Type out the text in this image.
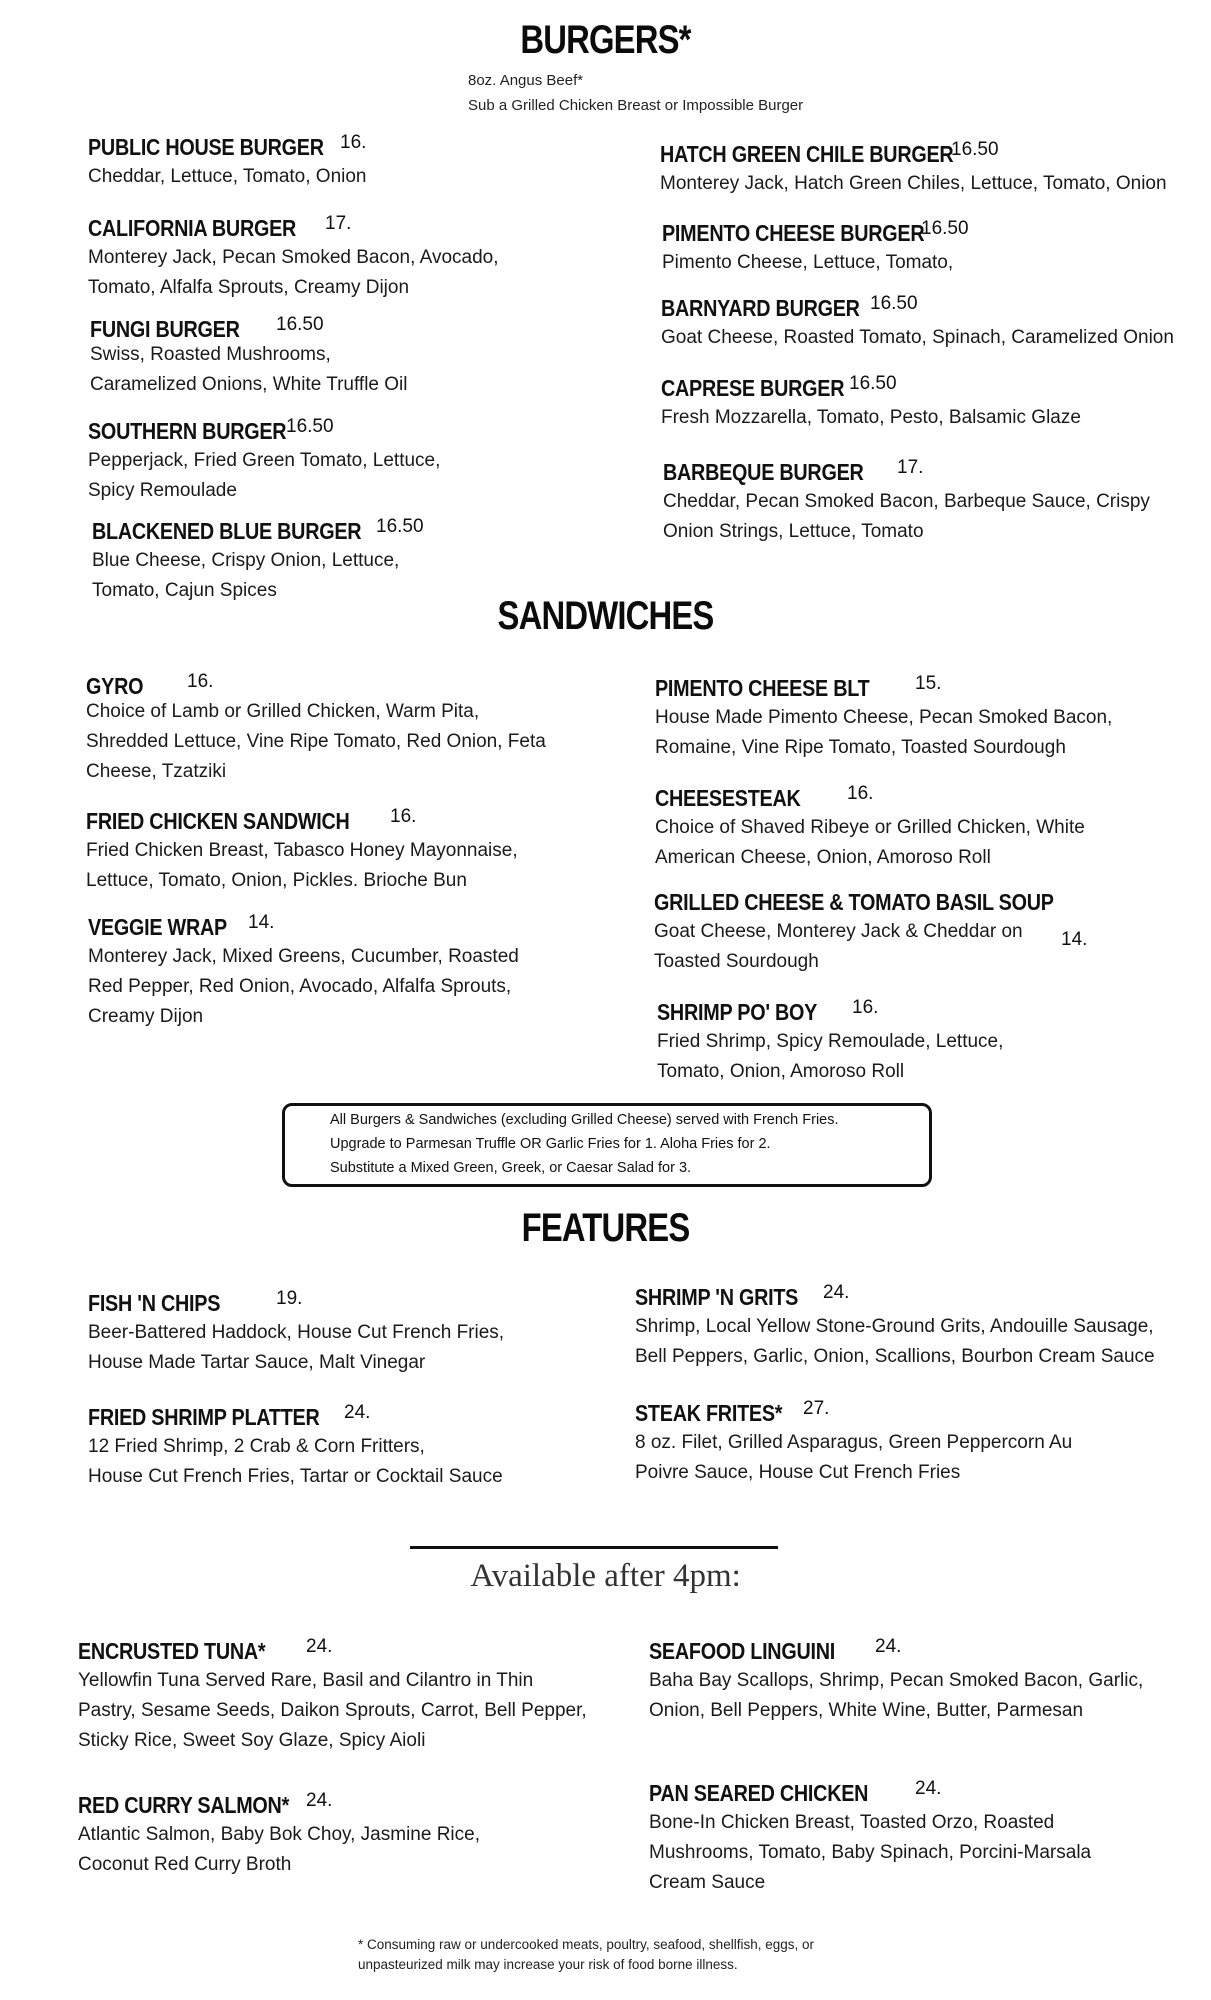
BURGERS*
8oz. Angus Beef*
Sub a Grilled Chicken Breast or Impossible Burger
PUBLIC HOUSE BURGER 16.
Cheddar, Lettuce, Tomato, Onion
CALIFORNIA BURGER 17.
Monterey Jack, Pecan Smoked Bacon, Avocado,
Tomato, Alfalfa Sprouts, Creamy Dijon
FUNGI BURGER 16.50
Swiss, Roasted Mushrooms,
Caramelized Onions, White Truffle Oil
SOUTHERN BURGER 16.50
Pepperjack, Fried Green Tomato, Lettuce,
Spicy Remoulade
BLACKENED BLUE BURGER 16.50
Blue Cheese, Crispy Onion, Lettuce,
Tomato, Cajun Spices
HATCH GREEN CHILE BURGER
16.50
Monterey Jack, Hatch Green Chiles, Lettuce, Tomato, Onion
PIMENTO CHEESE BURGER
16.50
Pimento Cheese, Lettuce, Tomato,
BARNYARD BURGER 16.50
Goat Cheese, Roasted Tomato, Spinach, Caramelized Onion
CAPRESE BURGER 16.50
Fresh Mozzarella, Tomato, Pesto, Balsamic Glaze
BARBEQUE BURGER 17.
Cheddar, Pecan Smoked Bacon, Barbeque Sauce, Crispy
Onion Strings, Lettuce, Tomato
SANDWICHES
GYRO 16.
Choice of Lamb or Grilled Chicken, Warm Pita,
Shredded Lettuce, Vine Ripe Tomato, Red Onion, Feta
Cheese, Tzatziki
FRIED CHICKEN SANDWICH 16.
Fried Chicken Breast, Tabasco Honey Mayonnaise,
Lettuce, Tomato, Onion, Pickles. Brioche Bun
VEGGIE WRAP 14.
Monterey Jack, Mixed Greens, Cucumber, Roasted
Red Pepper, Red Onion, Avocado, Alfalfa Sprouts,
Creamy Dijon
PIMENTO CHEESE BLT 15.
House Made Pimento Cheese, Pecan Smoked Bacon,
Romaine, Vine Ripe Tomato, Toasted Sourdough
CHEESESTEAK 16.
Choice of Shaved Ribeye or Grilled Chicken, White
American Cheese, Onion, Amoroso Roll
GRILLED CHEESE & TOMATO BASIL SOUP
14.
Goat Cheese, Monterey Jack & Cheddar on
Toasted Sourdough
SHRIMP PO' BOY 16.
Fried Shrimp, Spicy Remoulade, Lettuce,
Tomato, Onion, Amoroso Roll
All Burgers & Sandwiches (excluding Grilled Cheese) served with French Fries.
Upgrade to Parmesan Truffle OR Garlic Fries for 1. Aloha Fries for 2.
Substitute a Mixed Green, Greek, or Caesar Salad for 3.
FEATURES
FISH 'N CHIPS	19.
Beer-Battered Haddock, House Cut French Fries,
House Made Tartar Sauce, Malt Vinegar
FRIED SHRIMP PLATTER 24.
12 Fried Shrimp, 2 Crab & Corn Fritters,
House Cut French Fries, Tartar or Cocktail Sauce
SHRIMP 'N GRITS 24.
Shrimp, Local Yellow Stone-Ground Grits, Andouille Sausage,
Bell Peppers, Garlic, Onion, Scallions, Bourbon Cream Sauce
STEAK FRITES* 27.
8 oz. Filet, Grilled Asparagus, Green Peppercorn Au
Poivre Sauce, House Cut French Fries
Available after 4pm:
ENCRUSTED TUNA* 24.
Yellowfin Tuna Served Rare, Basil and Cilantro in Thin
Pastry, Sesame Seeds, Daikon Sprouts, Carrot, Bell Pepper,
Sticky Rice, Sweet Soy Glaze, Spicy Aioli
RED CURRY SALMON* 24.
Atlantic Salmon, Baby Bok Choy, Jasmine Rice,
Coconut Red Curry Broth
SEAFOOD LINGUINI 24.
Baha Bay Scallops, Shrimp, Pecan Smoked Bacon, Garlic,
Onion, Bell Peppers, White Wine, Butter, Parmesan
PAN SEARED CHICKEN 24.
Bone-In Chicken Breast, Toasted Orzo, Roasted
Mushrooms, Tomato, Baby Spinach, Porcini-Marsala
Cream Sauce
* Consuming raw or undercooked meats, poultry, seafood, shellfish, eggs, or
unpasteurized milk may increase your risk of food borne illness.
